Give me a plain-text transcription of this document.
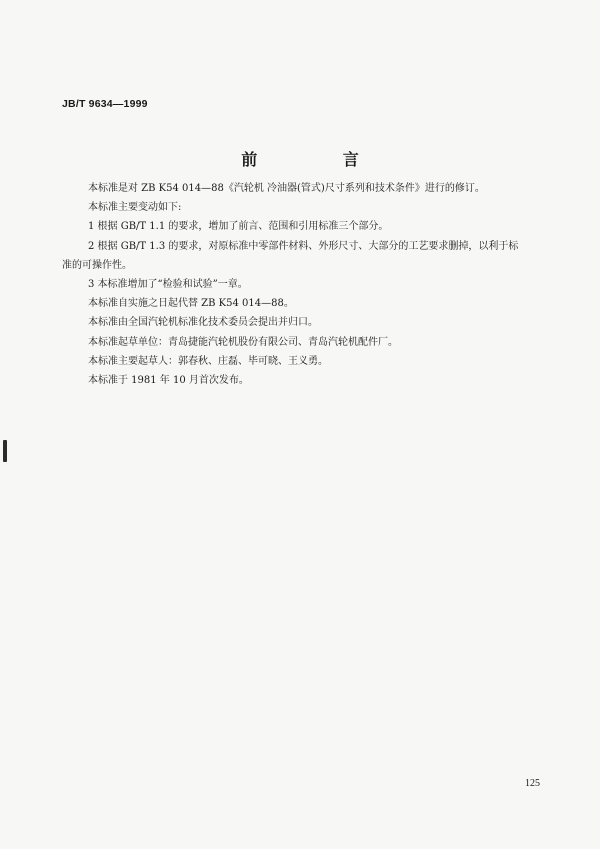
JB/T 9634—1999
前 言

本标准是对 ZB K54 014—88《汽轮机 冷油器(管式)尺寸系列和技术条件》进行的修订。

本标准主要变动如下:

1 根据 GB/T 1.1 的要求，增加了前言、范围和引用标准三个部分。

2 根据 GB/T 1.3 的要求，对原标准中零部件材料、外形尺寸、大部分的工艺要求删掉，以利于标

准的可操作性。

3 本标准增加了“检验和试验”一章。

本标准自实施之日起代替 ZB K54 014—88。

本标准由全国汽轮机标准化技术委员会提出并归口。

本标准起草单位：青岛捷能汽轮机股份有限公司、青岛汽轮机配件厂。

本标准主要起草人：郭春秋、庄磊、毕可晓、王义勇。

本标准于 1981 年 10 月首次发布。

125
